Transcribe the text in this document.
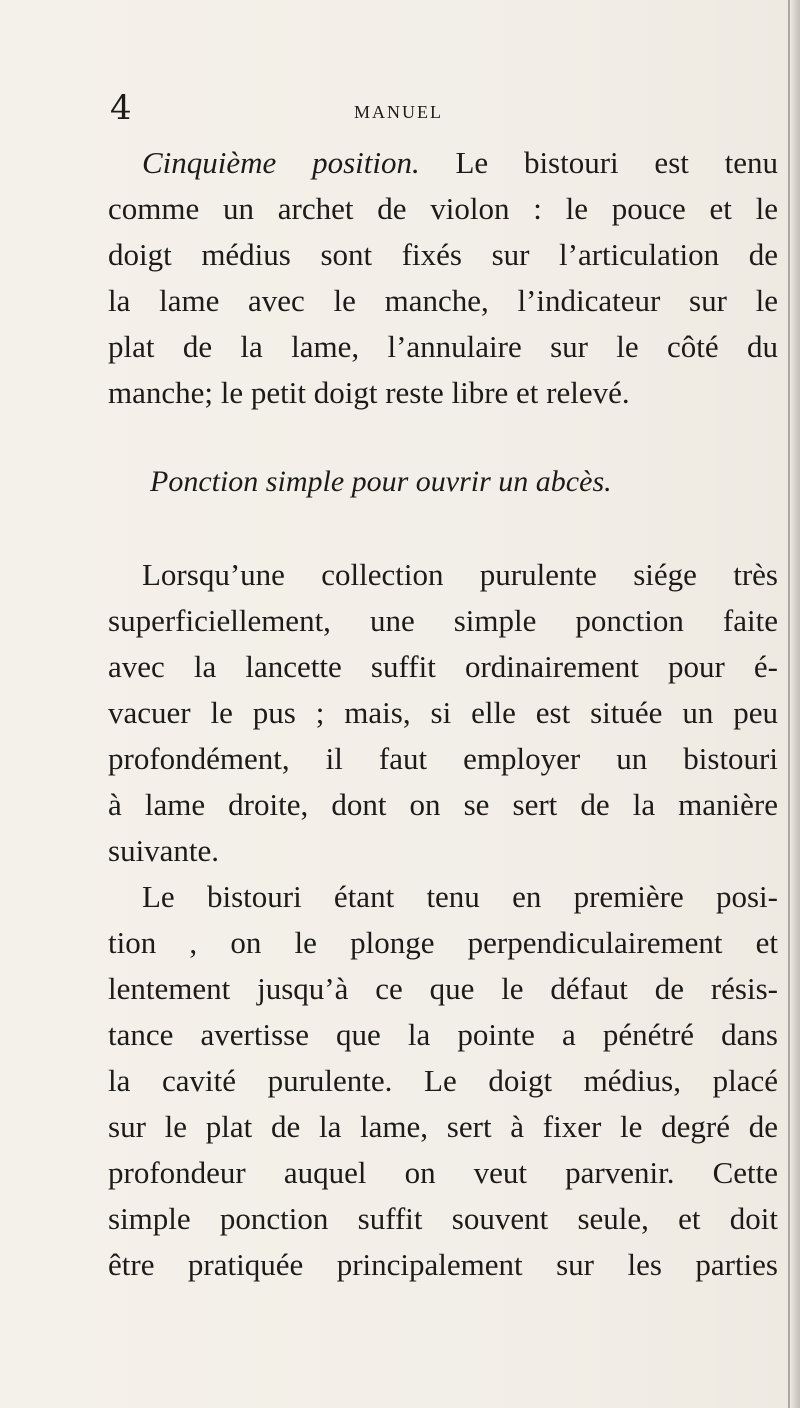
4	MANUEL
Cinquième position. Le bistouri est tenu
comme un archet de violon : le pouce et le
doigt médius sont fixés sur l’articulation de
la lame avec le manche, l’indicateur sur le
plat de la lame, l’annulaire sur le côté du
manche; le petit doigt reste libre et relevé.
Ponction simple pour ouvrir un abcès.
Lorsqu’une collection purulente siége très
superficiellement, une simple ponction faite
avec la lancette suffit ordinairement pour é-
vacuer le pus ; mais, si elle est située un peu
profondément, il faut employer un bistouri
à lame droite, dont on se sert de la manière
suivante.
Le bistouri étant tenu en première posi-
tion , on le plonge perpendiculairement et
lentement jusqu’à ce que le défaut de résis-
tance avertisse que la pointe a pénétré dans
la cavité purulente. Le doigt médius, placé
sur le plat de la lame, sert à fixer le degré de
profondeur auquel on veut parvenir. Cette
simple ponction suffit souvent seule, et doit
être pratiquée principalement sur les parties
